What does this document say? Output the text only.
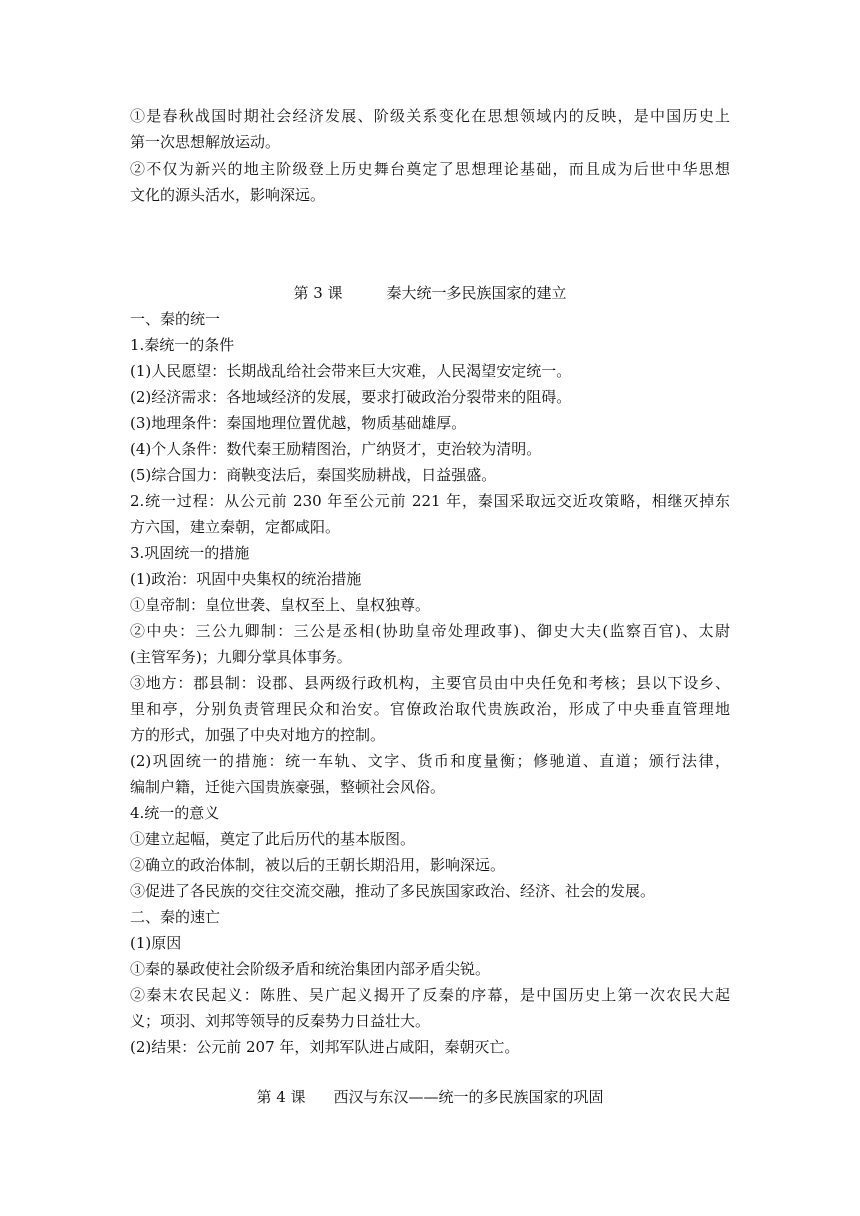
①是春秋战国时期社会经济发展、阶级关系变化在思想领域内的反映，是中国历史上
第一次思想解放运动。
②不仅为新兴的地主阶级登上历史舞台奠定了思想理论基础，而且成为后世中华思想
文化的源头活水，影响深远。
第 3 课	秦大统一多民族国家的建立
一、秦的统一
1.秦统一的条件
(1)人民愿望：长期战乱给社会带来巨大灾难，人民渴望安定统一。
(2)经济需求：各地域经济的发展，要求打破政治分裂带来的阻碍。
(3)地理条件：秦国地理位置优越，物质基础雄厚。
(4)个人条件：数代秦王励精图治，广纳贤才，吏治较为清明。
(5)综合国力：商鞅变法后，秦国奖励耕战，日益强盛。
2.统一过程：从公元前 230 年至公元前 221 年，秦国采取远交近攻策略，相继灭掉东
方六国，建立秦朝，定都咸阳。
3.巩固统一的措施
(1)政治：巩固中央集权的统治措施
①皇帝制：皇位世袭、皇权至上、皇权独尊。
②中央：三公九卿制：三公是丞相(协助皇帝处理政事)、御史大夫(监察百官)、太尉
(主管军务)；九卿分掌具体事务。
③地方：郡县制：设郡、县两级行政机构，主要官员由中央任免和考核；县以下设乡、
里和亭，分别负责管理民众和治安。官僚政治取代贵族政治，形成了中央垂直管理地
方的形式，加强了中央对地方的控制。
(2)巩固统一的措施：统一车轨、文字、货币和度量衡；修驰道、直道；颁行法律，
编制户籍，迁徙六国贵族豪强，整顿社会风俗。
4.统一的意义
①建立起幅，奠定了此后历代的基本版图。
②确立的政治体制，被以后的王朝长期沿用，影响深远。
③促进了各民族的交往交流交融，推动了多民族国家政治、经济、社会的发展。
二、秦的速亡
(1)原因
①秦的暴政使社会阶级矛盾和统治集团内部矛盾尖锐。
②秦末农民起义：陈胜、吴广起义揭开了反秦的序幕，是中国历史上第一次农民大起
义；项羽、刘邦等领导的反秦势力日益壮大。
(2)结果：公元前 207 年，刘邦军队进占咸阳，秦朝灭亡。
第 4 课 西汉与东汉——统一的多民族国家的巩固
